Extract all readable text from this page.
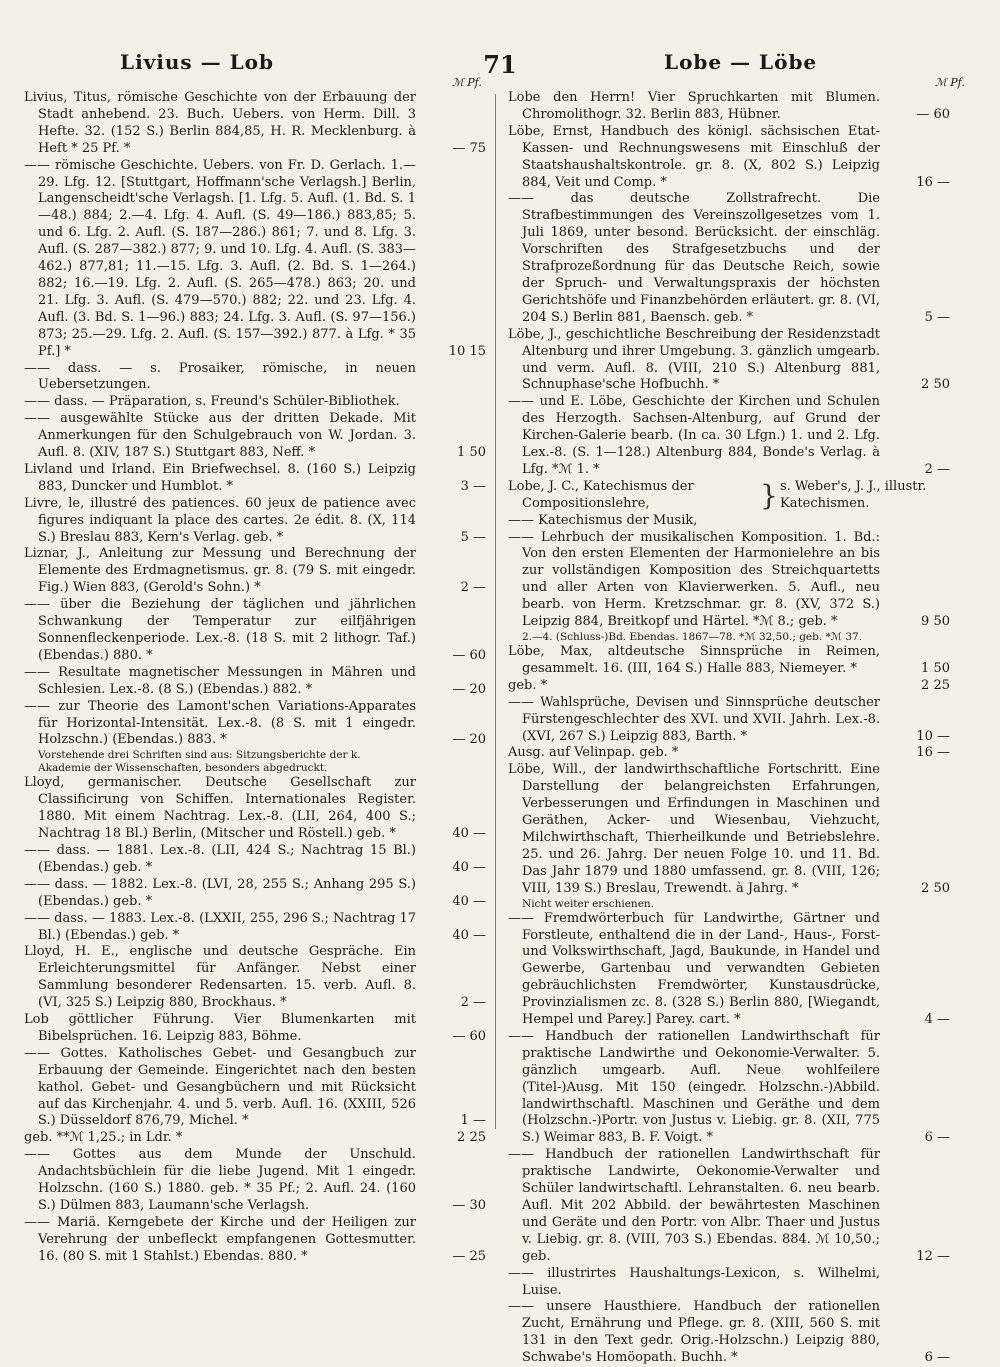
Livius — Lob	71	Lobe — Löbe
ℳ Pf.	ℳ Pf.
Livius, Titus, römische Geschichte von der Erbauung der Stadt anhebend. 23. Buch. Uebers. von Herm. Dill. 3 Hefte. 32. (152 S.) Berlin 884,85, H. R. Mecklenburg. à Heft * 25 Pf. *	— 75
—— römische Geschichte. Uebers. von Fr. D. Gerlach. 1.—29. Lfg. 12. [Stuttgart, Hoffmann'sche Verlagsh.] Berlin, Langenscheidt'sche Verlagsh. [1. Lfg. 5. Aufl. (1. Bd. S. 1—48.) 884; 2.—4. Lfg. 4. Aufl. (S. 49—186.) 883,85; 5. und 6. Lfg. 2. Aufl. (S. 187—286.) 861; 7. und 8. Lfg. 3. Aufl. (S. 287—382.) 877; 9. und 10. Lfg. 4. Aufl. (S. 383—462.) 877,81; 11.—15. Lfg. 3. Aufl. (2. Bd. S. 1—264.) 882; 16.—19. Lfg. 2. Aufl. (S. 265—478.) 863; 20. und 21. Lfg. 3. Aufl. (S. 479—570.) 882; 22. und 23. Lfg. 4. Aufl. (3. Bd. S. 1—96.) 883; 24. Lfg. 3. Aufl. (S. 97—156.) 873; 25.—29. Lfg. 2. Aufl. (S. 157—392.) 877. à Lfg. * 35 Pf.] *	10 15
—— dass. — s. Prosaiker, römische, in neuen Uebersetzungen.
—— dass. — Präparation, s. Freund's Schüler-Bibliothek.
—— ausgewählte Stücke aus der dritten Dekade. Mit Anmerkungen für den Schulgebrauch von W. Jordan. 3. Aufl. 8. (XIV, 187 S.) Stuttgart 883, Neff. *	1 50
Livland und Irland. Ein Briefwechsel. 8. (160 S.) Leipzig 883, Duncker und Humblot. *	3 —
Livre, le, illustré des patiences. 60 jeux de patience avec figures indiquant la place des cartes. 2e édit. 8. (X, 114 S.) Breslau 883, Kern's Verlag. geb. *	5 —
Liznar, J., Anleitung zur Messung und Berechnung der Elemente des Erdmagnetismus. gr. 8. (79 S. mit eingedr. Fig.) Wien 883, (Gerold's Sohn.) *	2 —
—— über die Beziehung der täglichen und jährlichen Schwankung der Temperatur zur eilfjährigen Sonnenfleckenperiode. Lex.-8. (18 S. mit 2 lithogr. Taf.) (Ebendas.) 880. *	— 60
—— Resultate magnetischer Messungen in Mähren und Schlesien. Lex.-8. (8 S.) (Ebendas.) 882. *	— 20
—— zur Theorie des Lamont'schen Variations-Apparates für Horizontal-Intensität. Lex.-8. (8 S. mit 1 eingedr. Holzschn.) (Ebendas.) 883. *	— 20
Vorstehende drei Schriften sind aus: Sitzungsberichte der k. Akademie der Wissenschaften, besonders abgedruckt.
Lloyd, germanischer. Deutsche Gesellschaft zur Classificirung von Schiffen. Internationales Register. 1880. Mit einem Nachtrag. Lex.-8. (LII, 264, 400 S.; Nachtrag 18 Bl.) Berlin, (Mitscher und Röstell.) geb. *	40 —
—— dass. — 1881. Lex.-8. (LII, 424 S.; Nachtrag 15 Bl.) (Ebendas.) geb. *	40 —
—— dass. — 1882. Lex.-8. (LVI, 28, 255 S.; Anhang 295 S.) (Ebendas.) geb. *	40 —
—— dass. — 1883. Lex.-8. (LXXII, 255, 296 S.; Nachtrag 17 Bl.) (Ebendas.) geb. *	40 —
Lloyd, H. E., englische und deutsche Gespräche. Ein Erleichterungsmittel für Anfänger. Nebst einer Sammlung besonderer Redensarten. 15. verb. Aufl. 8. (VI, 325 S.) Leipzig 880, Brockhaus. *	2 —
Lob göttlicher Führung. Vier Blumenkarten mit Bibelsprüchen. 16. Leipzig 883, Böhme.	— 60
—— Gottes. Katholisches Gebet- und Gesangbuch zur Erbauung der Gemeinde. Eingerichtet nach den besten kathol. Gebet- und Gesangbüchern und mit Rücksicht auf das Kirchenjahr. 4. und 5. verb. Aufl. 16. (XXIII, 526 S.) Düsseldorf 876,79, Michel. *	1 —
geb. **ℳ 1,25.; in Ldr. *	2 25
—— Gottes aus dem Munde der Unschuld. Andachtsbüchlein für die liebe Jugend. Mit 1 eingedr. Holzschn. (160 S.) 1880. geb. * 35 Pf.; 2. Aufl. 24. (160 S.) Dülmen 883, Laumann'sche Verlagsh.	— 30
—— Mariä. Kerngebete der Kirche und der Heiligen zur Verehrung der unbefleckt empfangenen Gottesmutter. 16. (80 S. mit 1 Stahlst.) Ebendas. 880. *	— 25
Lobe den Herrn! Vier Spruchkarten mit Blumen. Chromolithogr. 32. Berlin 883, Hübner.	— 60
Löbe, Ernst, Handbuch des königl. sächsischen Etat-Kassen- und Rechnungswesens mit Einschluß der Staatshaushaltskontrole. gr. 8. (X, 802 S.) Leipzig 884, Veit und Comp. *	16 —
—— das deutsche Zollstrafrecht. Die Strafbestimmungen des Vereinszollgesetzes vom 1. Juli 1869, unter besond. Berücksicht. der einschläg. Vorschriften des Strafgesetzbuchs und der Strafprozeßordnung für das Deutsche Reich, sowie der Spruch- und Verwaltungspraxis der höchsten Gerichtshöfe und Finanzbehörden erläutert. gr. 8. (VI, 204 S.) Berlin 881, Baensch. geb. *	5 —
Löbe, J., geschichtliche Beschreibung der Residenzstadt Altenburg und ihrer Umgebung. 3. gänzlich umgearb. und verm. Aufl. 8. (VIII, 210 S.) Altenburg 881, Schnuphase'sche Hofbuchh. *	2 50
—— und E. Löbe, Geschichte der Kirchen und Schulen des Herzogth. Sachsen-Altenburg, auf Grund der Kirchen-Galerie bearb. (In ca. 30 Lfgn.) 1. und 2. Lfg. Lex.-8. (S. 1—128.) Altenburg 884, Bonde's Verlag. à Lfg. *ℳ 1. *	2 —
Lobe, J. C., Katechismus der Compositionslehre,
—— Katechismus der Musik,
} s. Weber's, J. J., illustr. Katechismen.
—— Lehrbuch der musikalischen Komposition. 1. Bd.: Von den ersten Elementen der Harmonielehre an bis zur vollständigen Komposition des Streichquartetts und aller Arten von Klavierwerken. 5. Aufl., neu bearb. von Herm. Kretzschmar. gr. 8. (XV, 372 S.) Leipzig 884, Breitkopf und Härtel. *ℳ 8.; geb. *	9 50
2.—4. (Schluss-)Bd. Ebendas. 1867—78. *ℳ 32,50.; geb. *ℳ 37.
Löbe, Max, altdeutsche Sinnsprüche in Reimen, gesammelt. 16. (III, 164 S.) Halle 883, Niemeyer. *	1 50
geb. *	2 25
—— Wahlsprüche, Devisen und Sinnsprüche deutscher Fürstengeschlechter des XVI. und XVII. Jahrh. Lex.-8. (XVI, 267 S.) Leipzig 883, Barth. *	10 —
Ausg. auf Velinpap. geb. *	16 —
Löbe, Will., der landwirthschaftliche Fortschritt. Eine Darstellung der belangreichsten Erfahrungen, Verbesserungen und Erfindungen in Maschinen und Geräthen, Acker- und Wiesenbau, Viehzucht, Milchwirthschaft, Thierheilkunde und Betriebslehre. 25. und 26. Jahrg. Der neuen Folge 10. und 11. Bd. Das Jahr 1879 und 1880 umfassend. gr. 8. (VIII, 126; VIII, 139 S.) Breslau, Trewendt. à Jahrg. *	2 50
Nicht weiter erschienen.
—— Fremdwörterbuch für Landwirthe, Gärtner und Forstleute, enthaltend die in der Land-, Haus-, Forst- und Volkswirthschaft, Jagd, Baukunde, in Handel und Gewerbe, Gartenbau und verwandten Gebieten gebräuchlichsten Fremdwörter, Kunstausdrücke, Provinzialismen zc. 8. (328 S.) Berlin 880, [Wiegandt, Hempel und Parey.] Parey. cart. *	4 —
—— Handbuch der rationellen Landwirthschaft für praktische Landwirthe und Oekonomie-Verwalter. 5. gänzlich umgearb. Aufl. Neue wohlfeilere (Titel-)Ausg. Mit 150 (eingedr. Holzschn.-)Abbild. landwirthschaftl. Maschinen und Geräthe und dem (Holzschn.-)Portr. von Justus v. Liebig. gr. 8. (XII, 775 S.) Weimar 883, B. F. Voigt. *	6 —
—— Handbuch der rationellen Landwirthschaft für praktische Landwirte, Oekonomie-Verwalter und Schüler landwirtschaftl. Lehranstalten. 6. neu bearb. Aufl. Mit 202 Abbild. der bewährtesten Maschinen und Geräte und den Portr. von Albr. Thaer und Justus v. Liebig. gr. 8. (VIII, 703 S.) Ebendas. 884. ℳ 10,50.; geb.	12 —
—— illustrirtes Haushaltungs-Lexicon, s. Wilhelmi, Luise.
—— unsere Hausthiere. Handbuch der rationellen Zucht, Ernährung und Pflege. gr. 8. (XIII, 560 S. mit 131 in den Text gedr. Orig.-Holzschn.) Leipzig 880, Schwabe's Homöopath. Buchh. *	6 —
